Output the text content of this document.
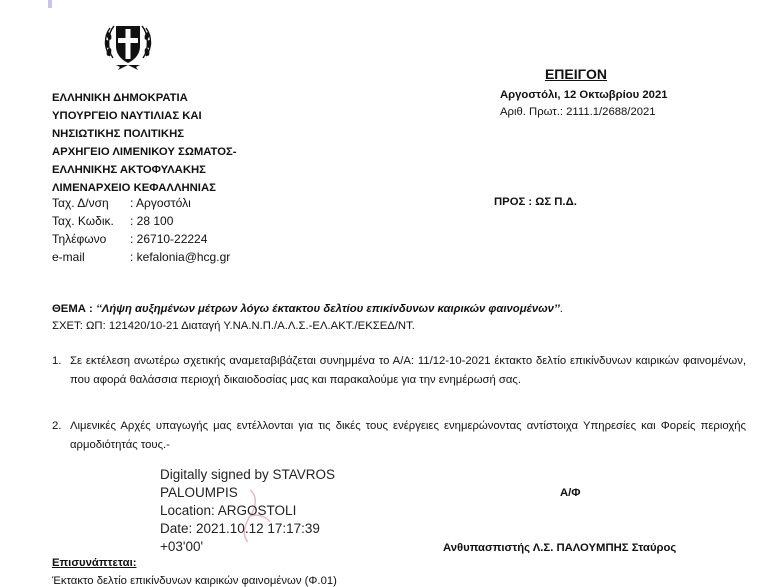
ΕΛΛΗΝΙΚΗ ΔΗΜΟΚΡΑΤΙΑ
ΥΠΟΥΡΓΕΙΟ ΝΑΥΤΙΛΙΑΣ ΚΑΙ
ΝΗΣΙΩΤΙΚΗΣ ΠΟΛΙΤΙΚΗΣ
ΑΡΧΗΓΕΙΟ ΛΙΜΕΝΙΚΟΥ ΣΩΜΑΤΟΣ-
ΕΛΛΗΝΙΚΗΣ ΑΚΤΟΦΥΛΑΚΗΣ
ΛΙΜΕΝΑΡΧΕΙΟ ΚΕΦΑΛΛΗΝΙΑΣ
Ταχ. Δ/νση	: Αργοστόλι
Ταχ. Κωδικ.	: 28 100
Τηλέφωνο	: 26710-22224
e-mail	: kefalonia@hcg.gr
ΕΠΕΙΓΟΝ
Αργοστόλι, 12 Οκτωβρίου 2021
Αριθ. Πρωτ.: 2111.1/2688/2021
ΠΡΟΣ : ΩΣ Π.Δ.
ΘΕΜΑ : ‘‘Λήψη αυξημένων μέτρων λόγω έκτακτου δελτίου επικίνδυνων καιρικών φαινομένων’’.
ΣΧΕΤ: ΩΠ: 121420/10-21 Διαταγή Υ.ΝΑ.Ν.Π./Α.Λ.Σ.-ΕΛ.ΑΚΤ./ΕΚΣΕΔ/ΝΤ.
1. Σε εκτέλεση ανωτέρω σχετικής αναμεταβιβάζεται συνημμένα το Α/Α: 11/12-10-2021 έκτακτο δελτίο επικίνδυνων καιρικών φαινομένων, που αφορά θαλάσσια περιοχή δικαιοδοσίας μας και παρακαλούμε για την ενημέρωσή σας.
2. Λιμενικές Αρχές υπαγωγής μας εντέλλονται για τις δικές τους ενέργειες ενημερώνοντας αντίστοιχα Υπηρεσίες και Φορείς περιοχής αρμοδιότητάς τους.-
Digitally signed by STAVROS
PALOUMPIS
Location: ARGOSTOLI
Date: 2021.10.12 17:17:39
+03'00'
Α/Φ
Ανθυπασπιστής Λ.Σ. ΠΑΛΟΥΜΠΗΣ Σταύρος
Επισυνάπτεται:
Έκτακτο δελτίο επικίνδυνων καιρικών φαινομένων (Φ.01)
